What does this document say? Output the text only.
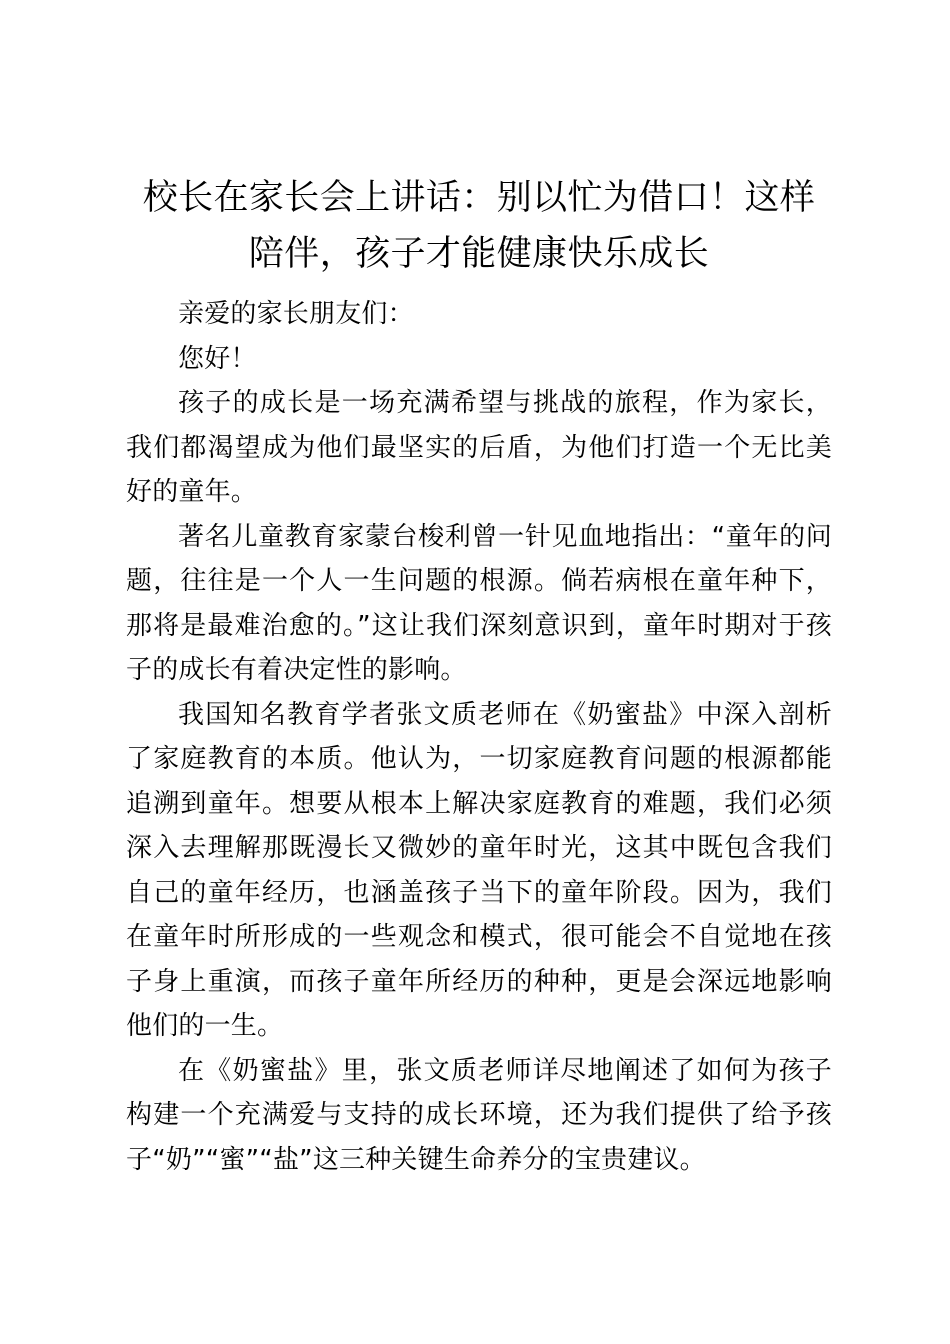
校长在家长会上讲话：别以忙为借口！这样陪伴，孩子才能健康快乐成长

亲爱的家长朋友们：

您好！

孩子的成长是一场充满希望与挑战的旅程，作为家长，我们都渴望成为他们最坚实的后盾，为他们打造一个无比美好的童年。

著名儿童教育家蒙台梭利曾一针见血地指出：“童年的问题，往往是一个人一生问题的根源。倘若病根在童年种下，那将是最难治愈的。”这让我们深刻意识到，童年时期对于孩子的成长有着决定性的影响。

我国知名教育学者张文质老师在《奶蜜盐》中深入剖析了家庭教育的本质。他认为，一切家庭教育问题的根源都能追溯到童年。想要从根本上解决家庭教育的难题，我们必须深入去理解那既漫长又微妙的童年时光，这其中既包含我们自己的童年经历，也涵盖孩子当下的童年阶段。因为，我们在童年时所形成的一些观念和模式，很可能会不自觉地在孩子身上重演，而孩子童年所经历的种种，更是会深远地影响他们的一生。

在《奶蜜盐》里，张文质老师详尽地阐述了如何为孩子构建一个充满爱与支持的成长环境，还为我们提供了给予孩子“奶”“蜜”“盐”这三种关键生命养分的宝贵建议。
